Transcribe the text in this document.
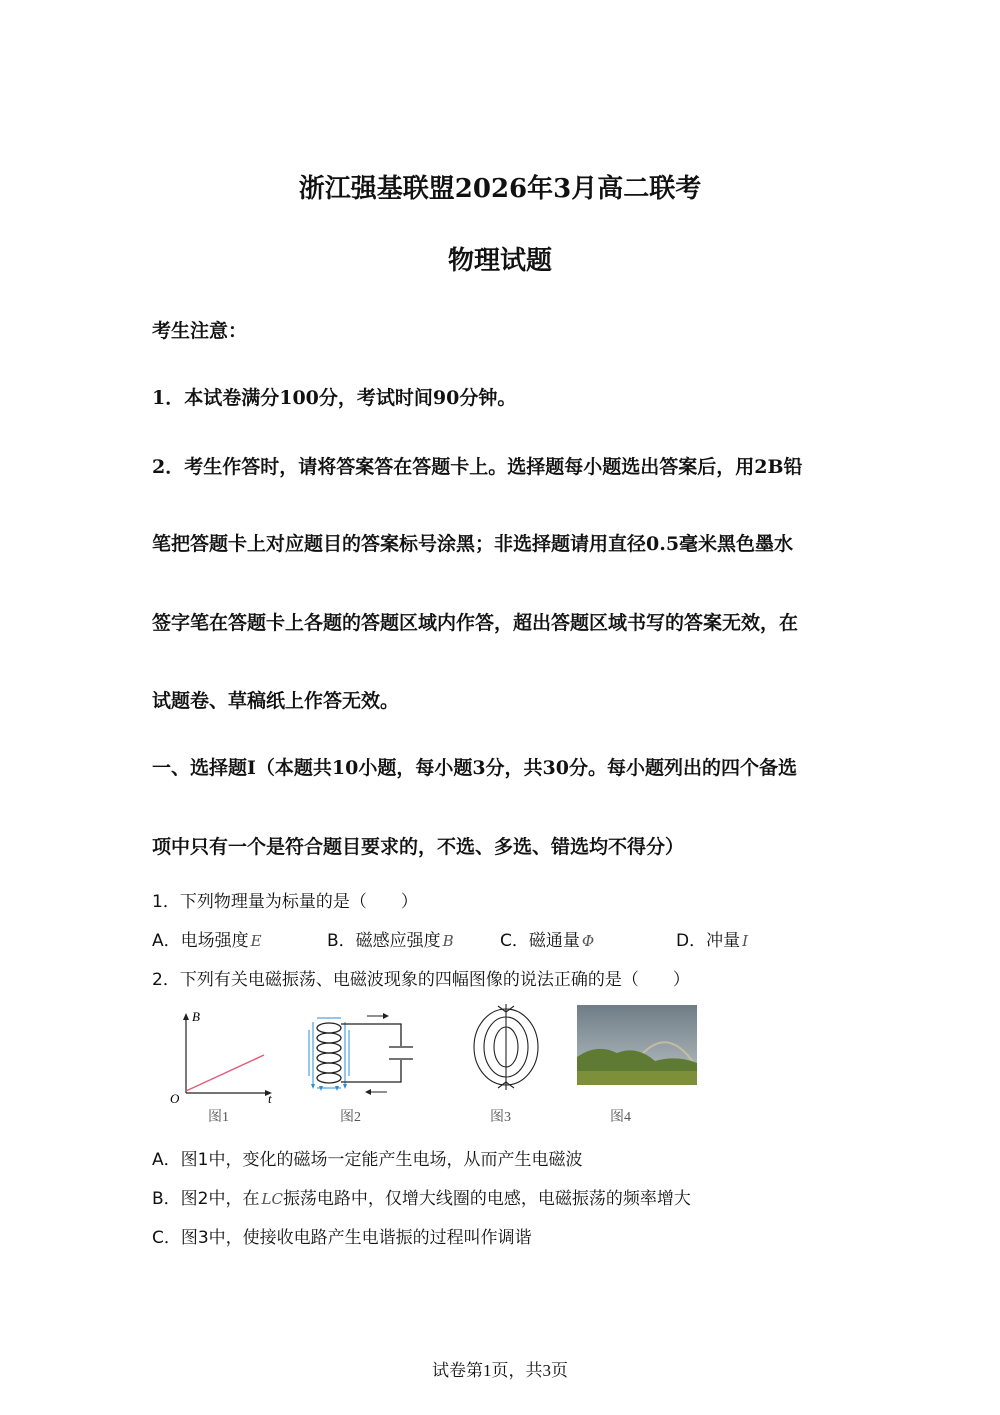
浙江强基联盟2026年3月高二联考
物理试题
考生注意：
1．本试卷满分100分，考试时间90分钟。
2．考生作答时，请将答案答在答题卡上。选择题每小题选出答案后，用2B铅
笔把答题卡上对应题目的答案标号涂黑；非选择题请用直径0.5毫米黑色墨水
签字笔在答题卡上各题的答题区域内作答，超出答题区域书写的答案无效，在
试题卷、草稿纸上作答无效。
一、选择题I（本题共10小题，每小题3分，共30分。每小题列出的四个备选
项中只有一个是符合题目要求的，不选、多选、错选均不得分）
1．下列物理量为标量的是（　　）
A．电场强度 E	B．磁感应强度 B	C．磁通量 Φ	D．冲量 I
2．下列有关电磁振荡、电磁波现象的四幅图像的说法正确的是（　　）
B
t
O
图1	图2	图3	图4
A．图1中，变化的磁场一定能产生电场，从而产生电磁波
B．图2中，在 LC振荡电路中，仅增大线圈的电感，电磁振荡的频率增大
C．图3中，使接收电路产生电谐振的过程叫作调谐
试卷第1页，共3页
